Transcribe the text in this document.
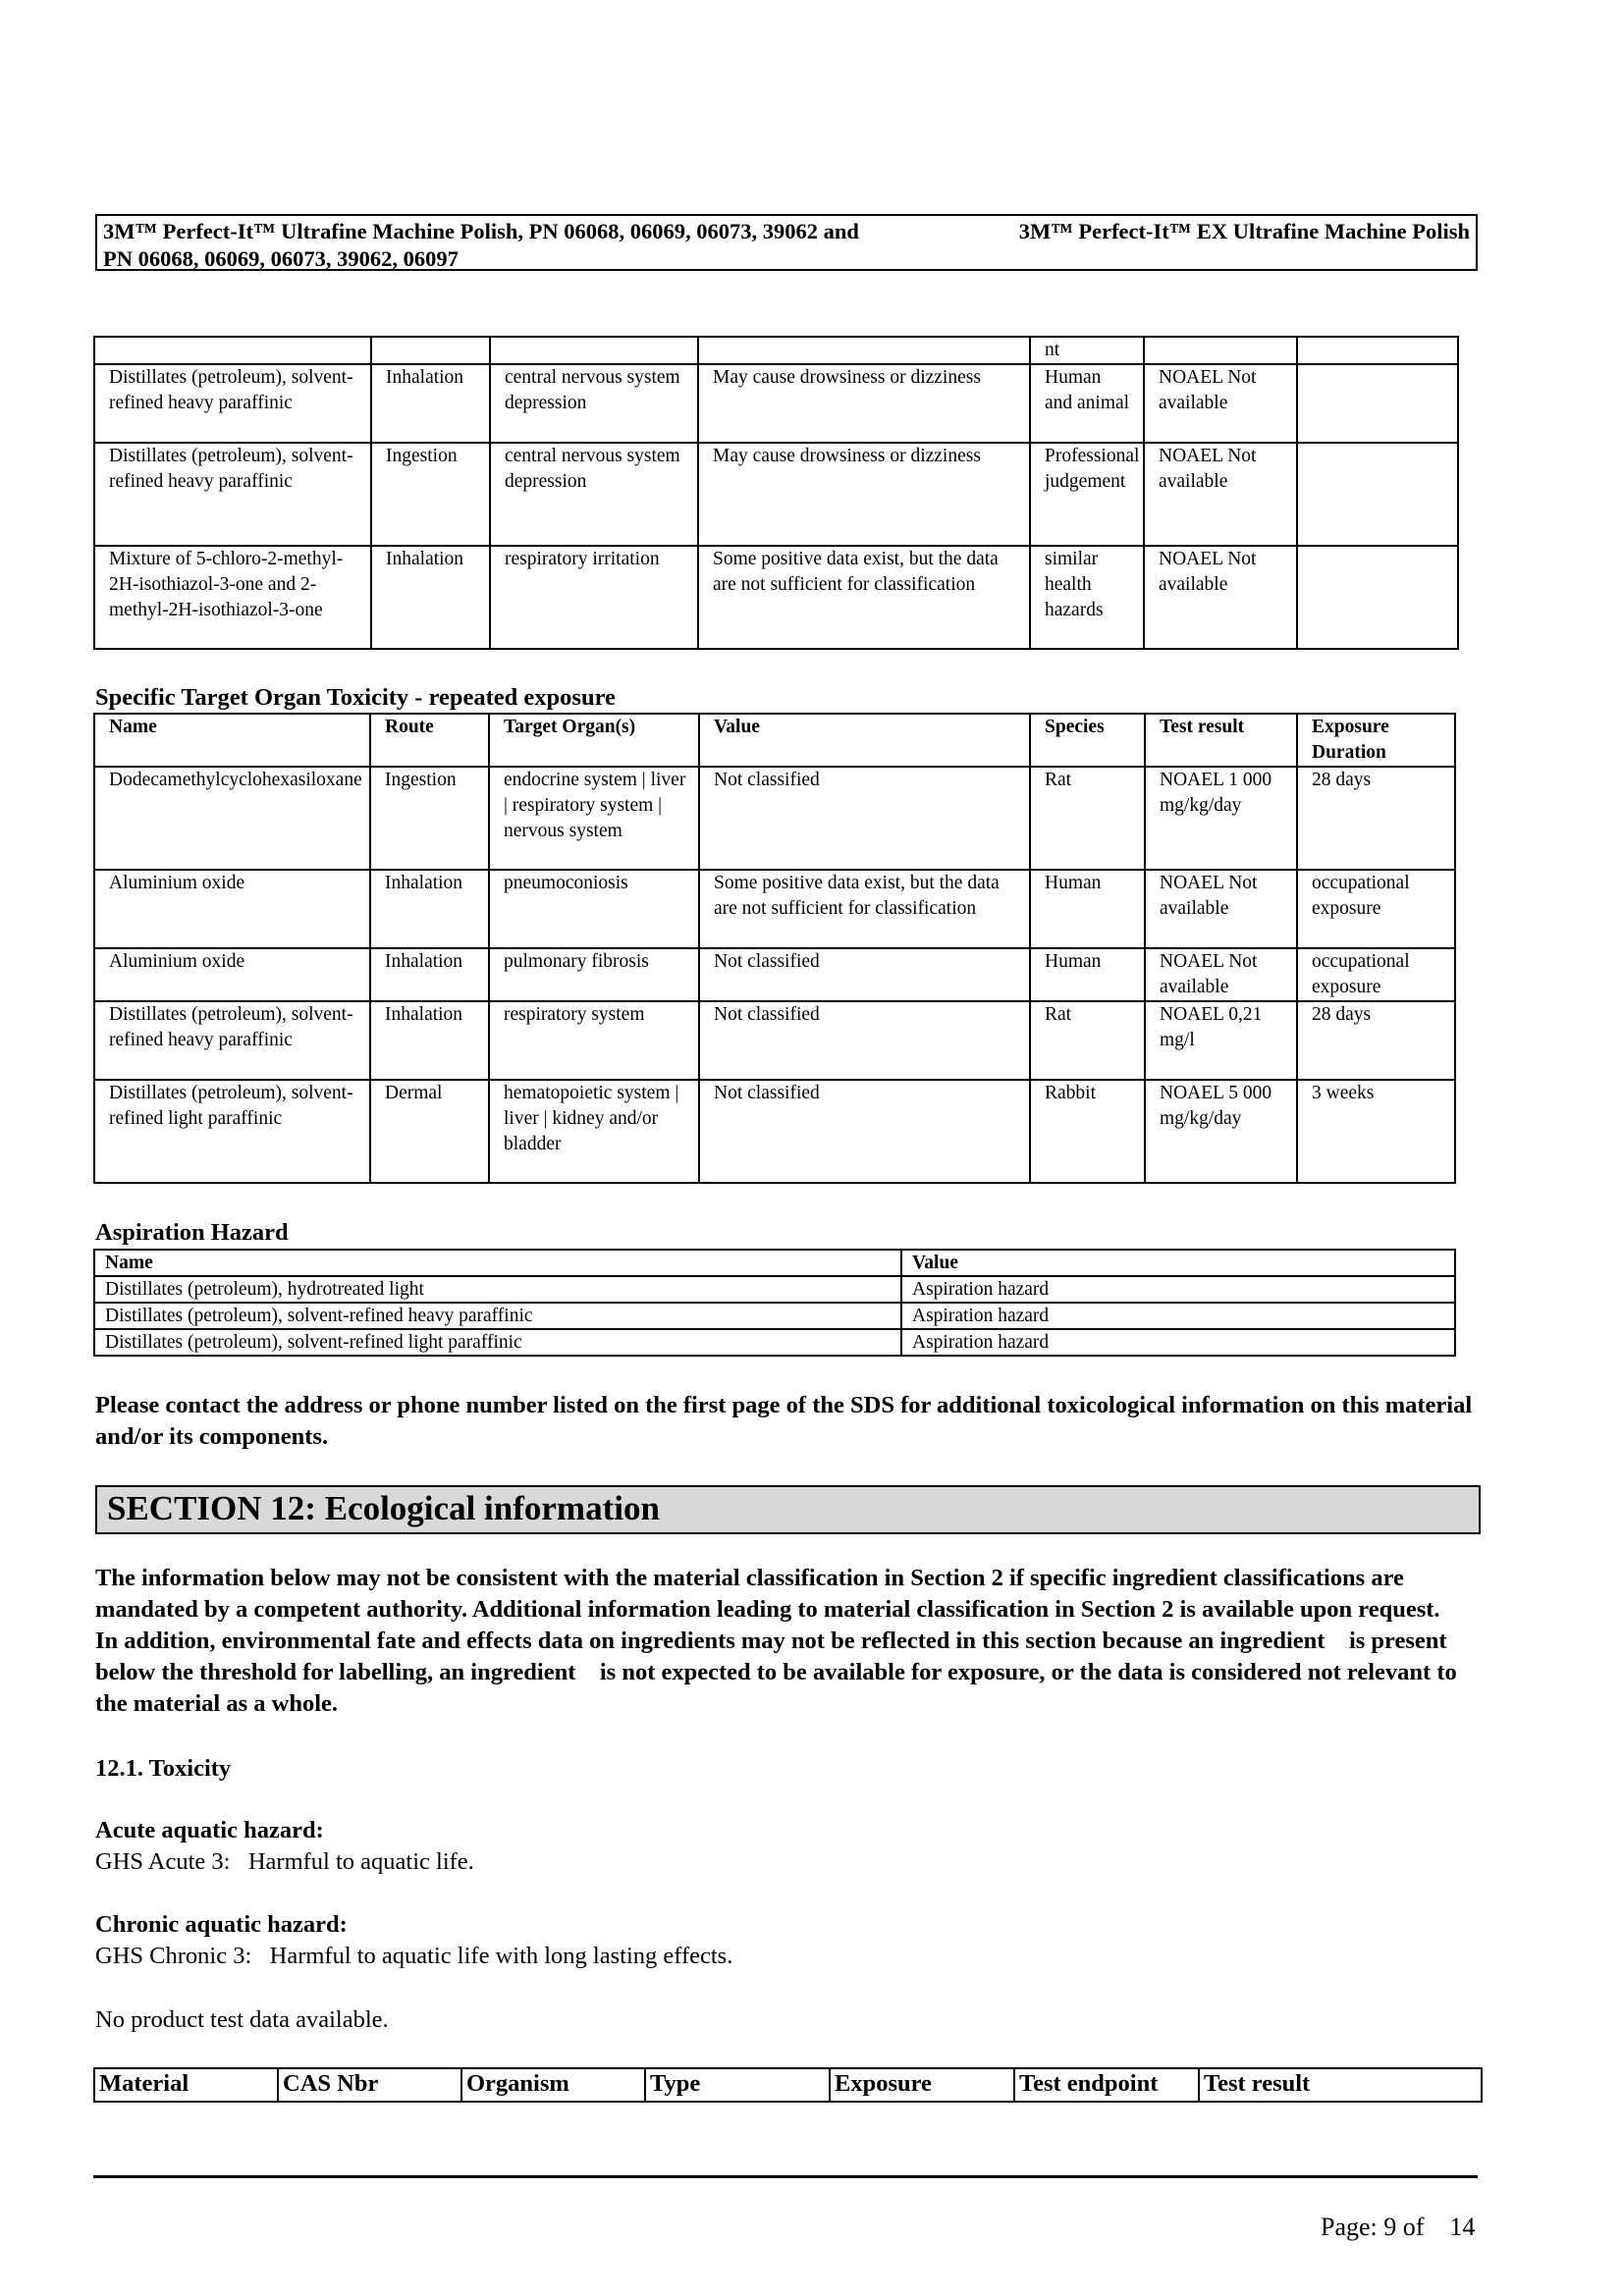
3M™ Perfect-It™ Ultrafine Machine Polish, PN 06068, 06069, 06073, 39062 and	3M™ Perfect-It™ EX Ultrafine Machine Polish
PN 06068, 06069, 06073, 39062, 06097
				nt		
Distillates (petroleum), solvent-refined heavy paraffinic	Inhalation	central nervous system depression	May cause drowsiness or dizziness	Human and animal	NOAEL Not available	
Distillates (petroleum), solvent-refined heavy paraffinic	Ingestion	central nervous system depression	May cause drowsiness or dizziness	Professional judgement	NOAEL Not available	
Mixture of 5-chloro-2-methyl-2H-isothiazol-3-one and 2-methyl-2H-isothiazol-3-one	Inhalation	respiratory irritation	Some positive data exist, but the data are not sufficient for classification	similar health hazards	NOAEL Not available	
Specific Target Organ Toxicity - repeated exposure
Name	Route	Target Organ(s)	Value	Species	Test result	Exposure Duration
Dodecamethylcyclohexasiloxane	Ingestion	endocrine system | liver | respiratory system | nervous system	Not classified	Rat	NOAEL 1 000 mg/kg/day	28 days
Aluminium oxide	Inhalation	pneumoconiosis	Some positive data exist, but the data are not sufficient for classification	Human	NOAEL Not available	occupational exposure
Aluminium oxide	Inhalation	pulmonary fibrosis	Not classified	Human	NOAEL Not available	occupational exposure
Distillates (petroleum), solvent-refined heavy paraffinic	Inhalation	respiratory system	Not classified	Rat	NOAEL 0,21 mg/l	28 days
Distillates (petroleum), solvent-refined light paraffinic	Dermal	hematopoietic system | liver | kidney and/or bladder	Not classified	Rabbit	NOAEL 5 000 mg/kg/day	3 weeks
Aspiration Hazard
Name	Value
Distillates (petroleum), hydrotreated light	Aspiration hazard
Distillates (petroleum), solvent-refined heavy paraffinic	Aspiration hazard
Distillates (petroleum), solvent-refined light paraffinic	Aspiration hazard
Please contact the address or phone number listed on the first page of the SDS for additional toxicological information on this material and/or its components.
SECTION 12: Ecological information
The information below may not be consistent with the material classification in Section 2 if specific ingredient classifications are mandated by a competent authority. Additional information leading to material classification in Section 2 is available upon request.    In addition, environmental fate and effects data on ingredients may not be reflected in this section because an ingredient    is present below the threshold for labelling, an ingredient    is not expected to be available for exposure, or the data is considered not relevant to the material as a whole.
12.1. Toxicity
Acute aquatic hazard:
GHS Acute 3:   Harmful to aquatic life.
Chronic aquatic hazard:
GHS Chronic 3:   Harmful to aquatic life with long lasting effects.
No product test data available.
Material	CAS Nbr	Organism	Type	Exposure	Test endpoint	Test result
Page: 9 of    14
